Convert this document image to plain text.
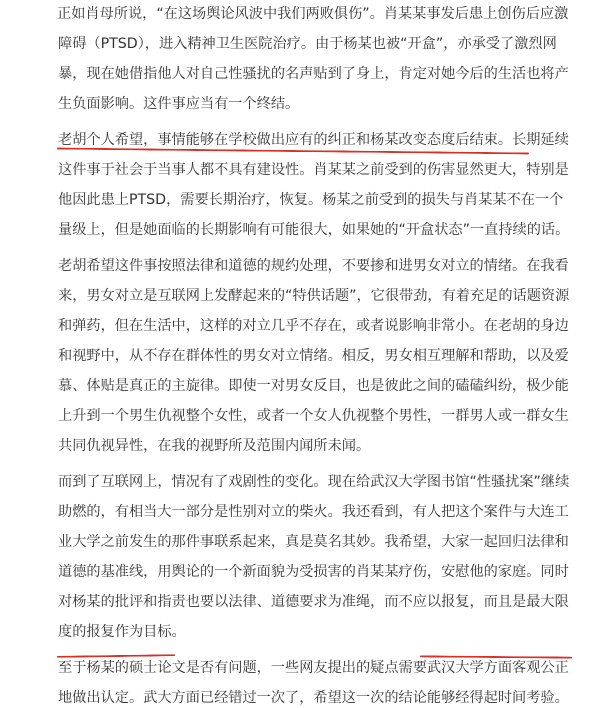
正如肖母所说，“在这场舆论风波中我们两败俱伤”。肖某某事发后患上创伤后应激
障碍（PTSD），进入精神卫生医院治疗。由于杨某也被“开盒”，亦承受了激烈网
暴，现在她借指他人对自己性骚扰的名声贴到了身上，肯定对她今后的生活也将产
生负面影响。这件事应当有一个终结。
老胡个人希望，事情能够在学校做出应有的纠正和杨某改变态度后结束。长期延续
这件事于社会于当事人都不具有建设性。肖某某之前受到的伤害显然更大，特别是
他因此患上PTSD，需要长期治疗，恢复。杨某之前受到的损失与肖某某不在一个
量级上，但是她面临的长期影响有可能很大，如果她的“开盒状态”一直持续的话。
老胡希望这件事按照法律和道德的规约处理，不要掺和进男女对立的情绪。在我看
来，男女对立是互联网上发酵起来的“特供话题”，它很带劲，有着充足的话题资源
和弹药，但在生活中，这样的对立几乎不存在，或者说影响非常小。在老胡的身边
和视野中，从不存在群体性的男女对立情绪。相反，男女相互理解和帮助，以及爱
慕、体贴是真正的主旋律。即使一对男女反目，也是彼此之间的磕磕纠纷，极少能
上升到一个男生仇视整个女性，或者一个女人仇视整个男性，一群男人或一群女生
共同仇视异性，在我的视野所及范围内闻所未闻。
而到了互联网上，情况有了戏剧性的变化。现在给武汉大学图书馆“性骚扰案”继续
助燃的，有相当大一部分是性别对立的柴火。我还看到，有人把这个案件与大连工
业大学之前发生的那件事联系起来，真是莫名其妙。我希望，大家一起回归法律和
道德的基准线，用舆论的一个新面貌为受损害的肖某某疗伤，安慰他的家庭。同时
对杨某的批评和指责也要以法律、道德要求为准绳，而不应以报复，而且是最大限
度的报复作为目标。
至于杨某的硕士论文是否有问题，一些网友提出的疑点需要武汉大学方面客观公正
地做出认定。武大方面已经错过一次了，希望这一次的结论能够经得起时间考验。
